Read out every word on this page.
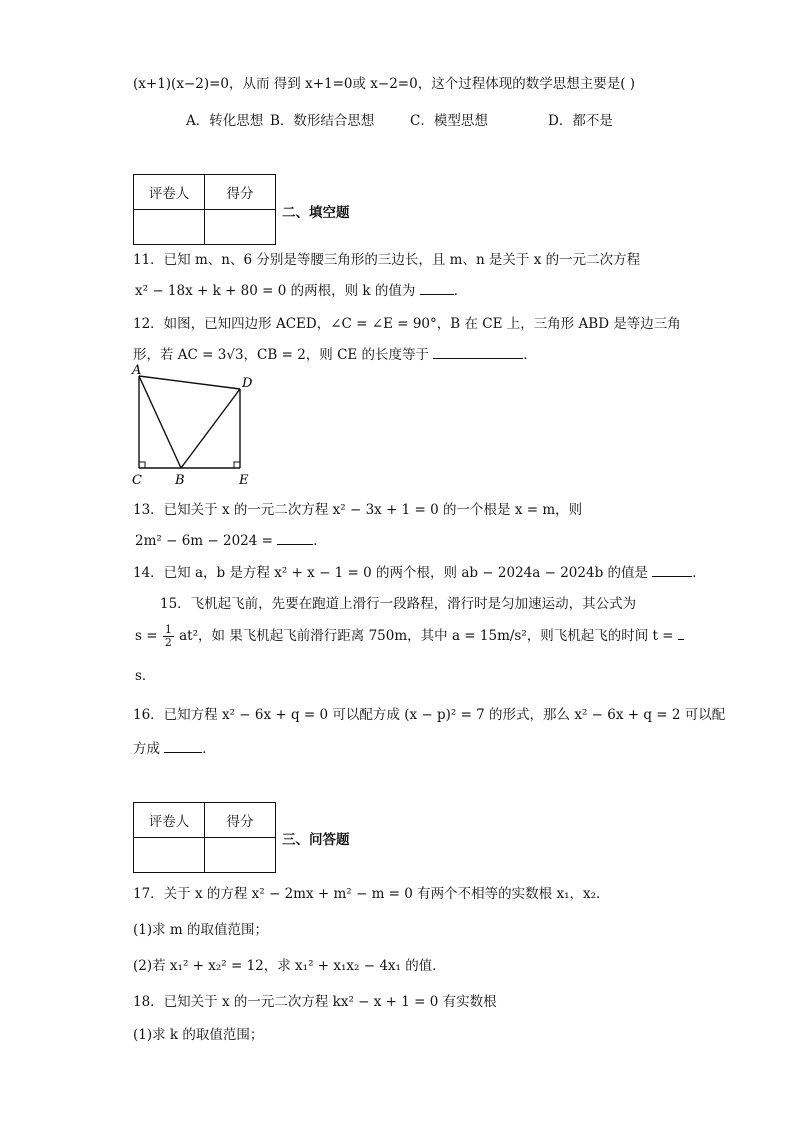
(x+1)(x−2)=0，从而 得到 x+1=0或 x−2=0，这个过程体现的数学思想主要是( )
A．转化思想 B．数形结合思想	C．模型思想	D．都不是
评卷人	得分

二、填空题
11．已知 m、n、6 分别是等腰三角形的三边长，且 m、n 是关于 x 的一元二次方程
x² − 18x + k + 80 = 0 的两根，则 k 的值为	．
12．如图，已知四边形 ACED，∠C = ∠E = 90°，B 在 CE 上，三角形 ABD 是等边三角
形，若 AC = 3√3，CB = 2，则 CE 的长度等于	．
A
D
C	B	E
13．已知关于 x 的一元二次方程 x² − 3x + 1 = 0 的一个根是 x = m，则
2m² − 6m − 2024 =	．
14．已知 a，b 是方程 x² + x − 1 = 0 的两个根，则 ab − 2024a − 2024b 的值是	．
15．飞机起飞前，先要在跑道上滑行一段路程，滑行时是匀加速运动，其公式为
$s = \frac{1}{2} at^2$，如 果飞机起飞前滑行距离 750m，其中 a = 15m/s²，则飞机起飞的时间 t =
s．
16．已知方程 x² − 6x + q = 0 可以配方成 (x − p)² = 7 的形式，那么 x² − 6x + q = 2 可以配
方成	．
评卷人	得分

三、问答题
17．关于 x 的方程 x² − 2mx + m² − m = 0 有两个不相等的实数根 x₁，x₂．
(1)求 m 的取值范围；
(2)若 x₁² + x₂² = 12，求 x₁² + x₁x₂ − 4x₁ 的值．
18．已知关于 x 的一元二次方程 kx² − x + 1 = 0 有实数根
(1)求 k 的取值范围；
